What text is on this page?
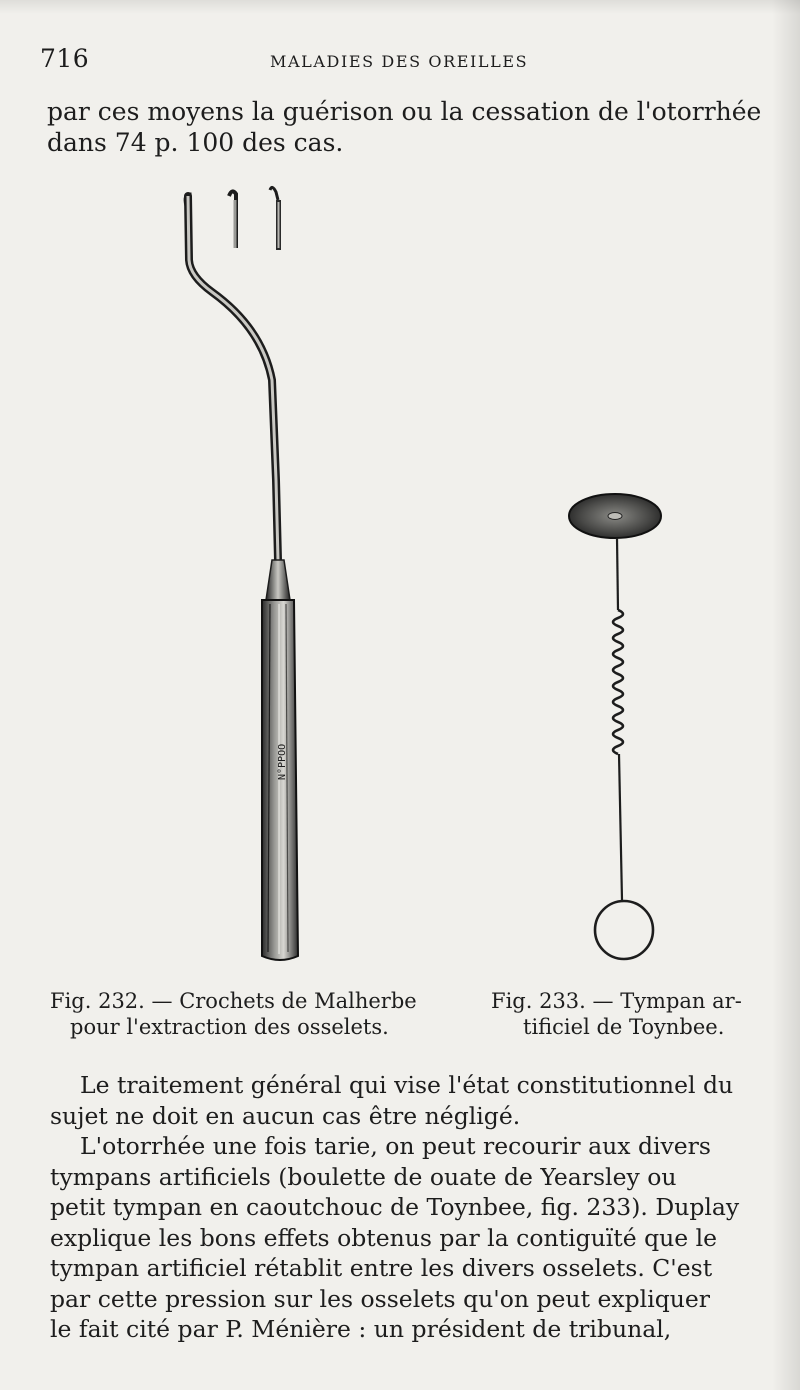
716	MALADIES DES OREILLES
par ces moyens la guérison ou la cessation de l'otorrhée
dans 74 p. 100 des cas.
N°PPOO
Fig. 232. — Crochets de Malherbe
pour l'extraction des osselets.
Fig. 233. — Tympan ar-
tificiel de Toynbee.
Le traitement général qui vise l'état constitutionnel du
sujet ne doit en aucun cas être négligé.
L'otorrhée une fois tarie, on peut recourir aux divers
tympans artificiels (boulette de ouate de Yearsley ou
petit tympan en caoutchouc de Toynbee, fig. 233). Duplay
explique les bons effets obtenus par la contiguïté que le
tympan artificiel rétablit entre les divers osselets. C'est
par cette pression sur les osselets qu'on peut expliquer
le fait cité par P. Ménière : un président de tribunal,
